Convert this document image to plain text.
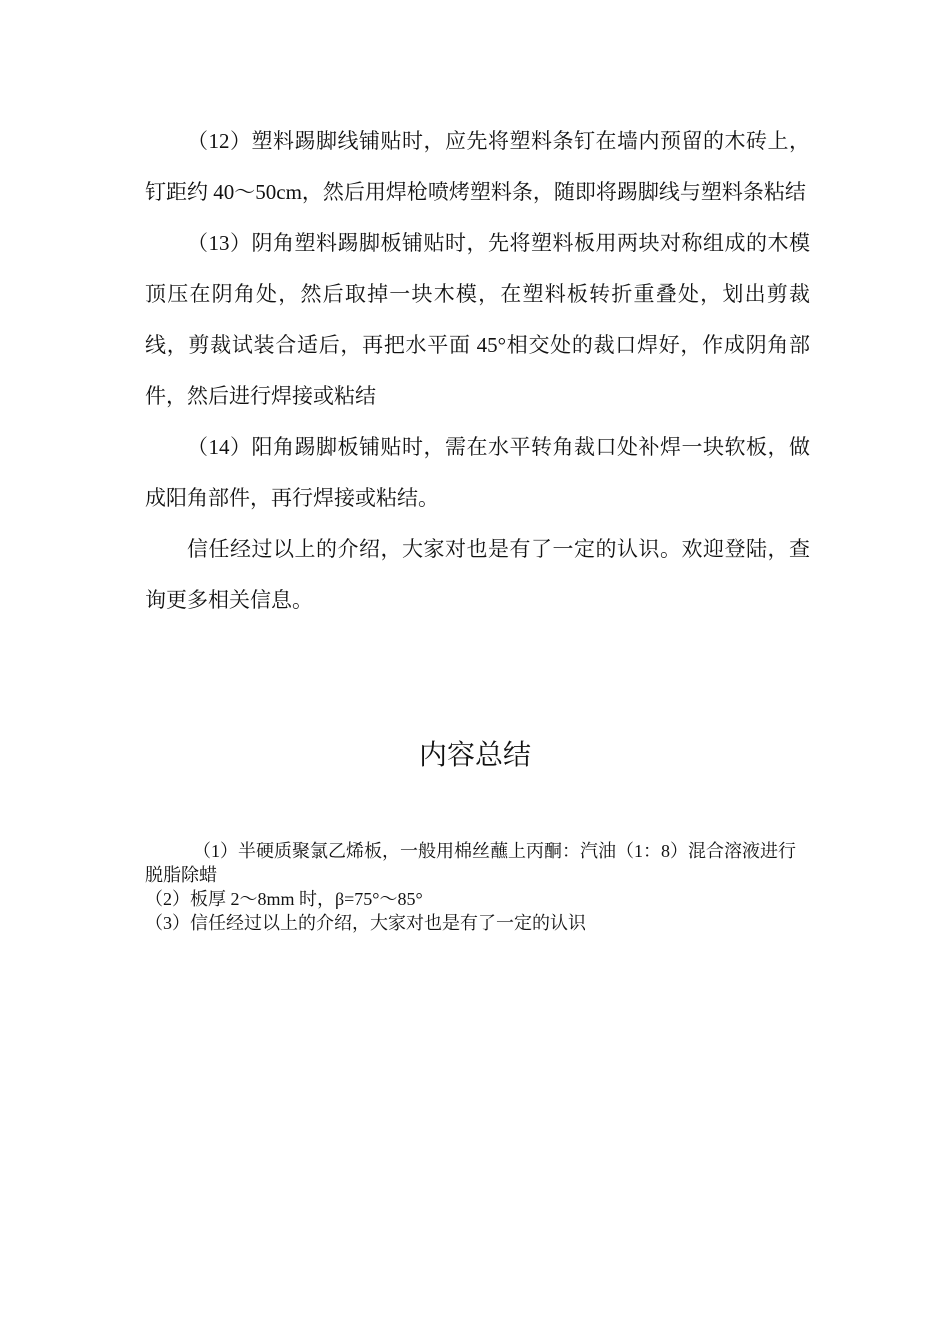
（12）塑料踢脚线铺贴时，应先将塑料条钉在墙内预留的木砖上，钉距约 40～50cm，然后用焊枪喷烤塑料条，随即将踢脚线与塑料条粘结

（13）阴角塑料踢脚板铺贴时，先将塑料板用两块对称组成的木模顶压在阴角处，然后取掉一块木模，在塑料板转折重叠处，划出剪裁线，剪裁试装合适后，再把水平面 45°相交处的裁口焊好，作成阴角部件，然后进行焊接或粘结

（14）阳角踢脚板铺贴时，需在水平转角裁口处补焊一块软板，做成阳角部件，再行焊接或粘结。

信任经过以上的介绍，大家对也是有了一定的认识。欢迎登陆，查询更多相关信息。

内容总结

（1）半硬质聚氯乙烯板，一般用棉丝蘸上丙酮：汽油（1：8）混合溶液进行脱脂除蜡

（2）板厚 2～8mm 时，β=75°～85°

（3）信任经过以上的介绍，大家对也是有了一定的认识
